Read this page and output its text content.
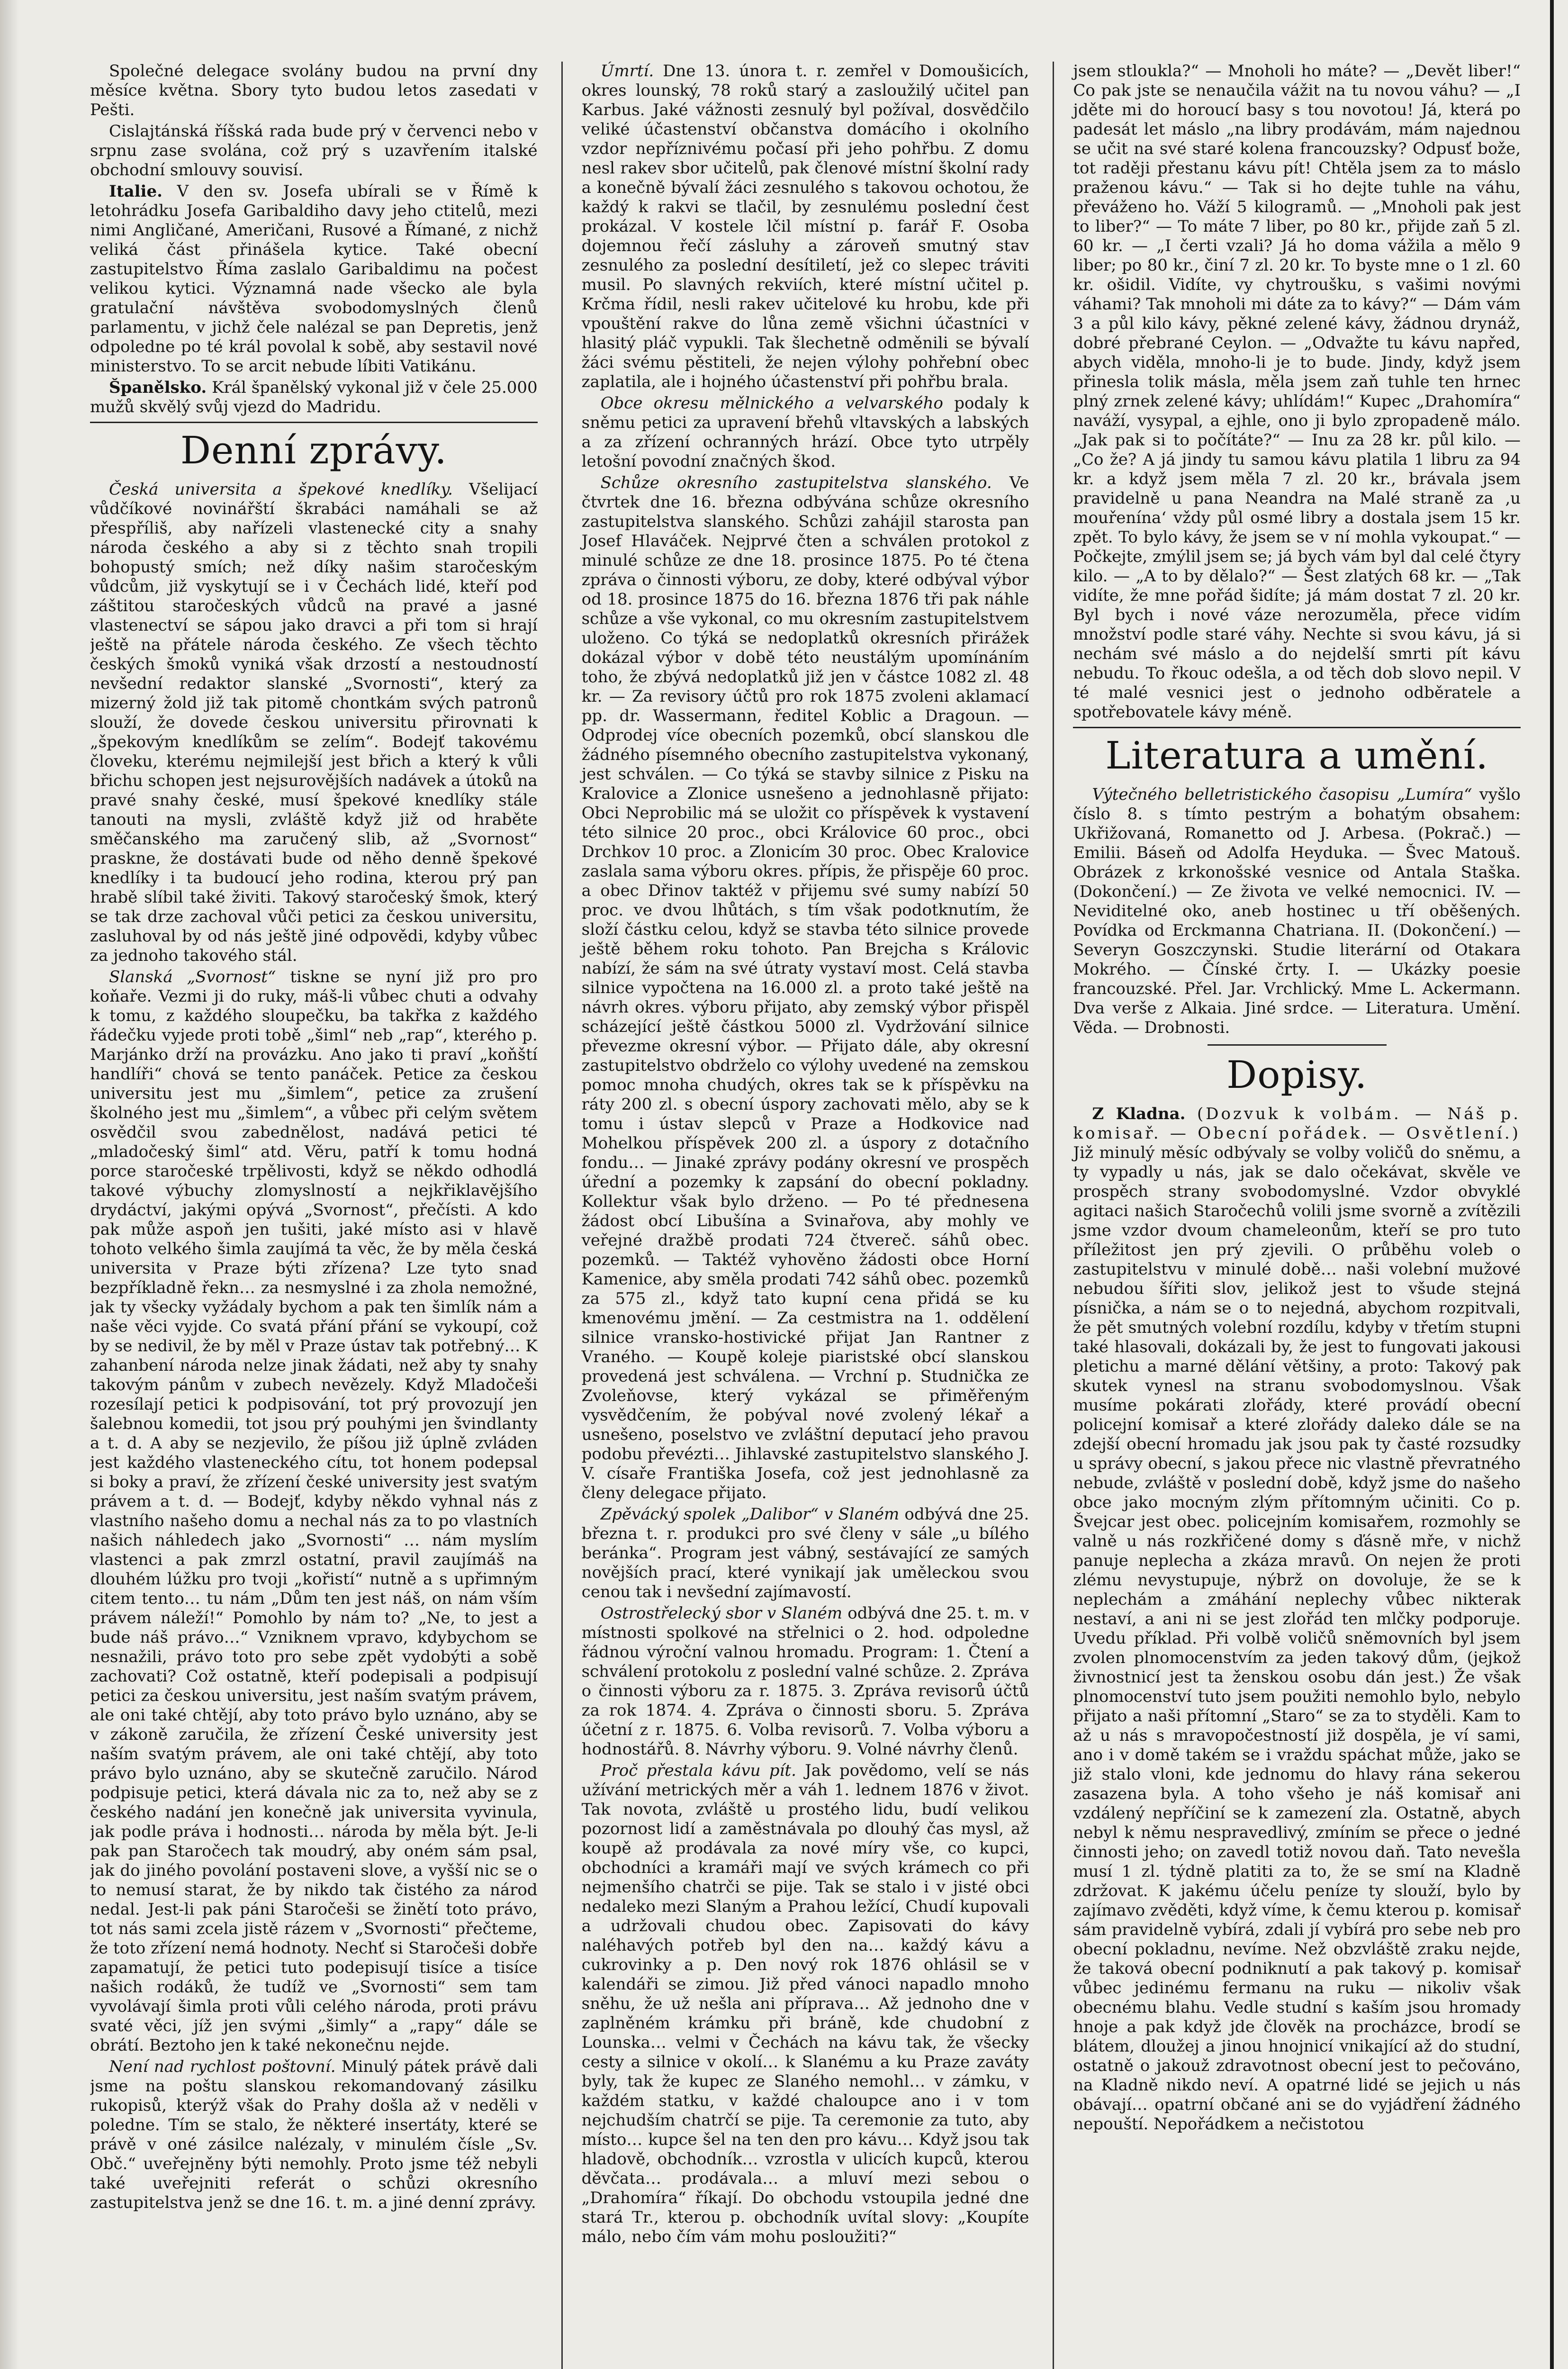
Společné delegace svolány budou na první dny měsíce května. Sbory tyto budou letos zasedati v Pešti.

Cislajtánská říšská rada bude prý v červenci nebo v srpnu zase svolána, což prý s uzavřením italské obchodní smlouvy souvisí.

Italie. V den sv. Josefa ubírali se v Římě k letohrádku Josefa Garibaldiho davy jeho ctitelů, mezi nimi Angličané, Američani, Rusové a Římané, z nichž veliká část přinášela kytice. Také obecní zastupitelstvo Říma zaslalo Garibaldimu na počest velikou kytici. Významná nade všecko ale byla gratulační návštěva svobodomyslných členů parlamentu, v jichž čele nalézal se pan Depretis, jenž odpoledne po té král povolal k sobě, aby sestavil nové ministerstvo. To se arcit nebude líbiti Vatikánu.

Španělsko. Král španělský vykonal již v čele 25.000 mužů skvělý svůj vjezd do Madridu.

Denní zprávy.

Česká universita a špekové knedlíky. Všelijací vůdčíkové novinářští škrabáci namáhali se až přespříliš, aby nařízeli vlastenecké city a snahy národa českého a aby si z těchto snah tropili bohopustý smích; než díky našim staročeským vůdcům, již vyskytují se i v Čechách lidé, kteří pod záštitou staročeských vůdců na pravé a jasné vlastenectví se sápou jako dravci a při tom si hrají ještě na přátele národa českého. Ze všech těchto českých šmoků vyniká však drzostí a nestoudností nevšední redaktor slanské „Svornosti“, který za mizerný žold již tak pitomě chontkám svých patronů slouží, že dovede českou universitu přirovnati k „špekovým knedlíkům se zelím“. Bodejť takovému človeku, kterému nejmilejší jest břich a který k vůli břichu schopen jest nejsurovějších nadávek a útoků na pravé snahy české, musí špekové knedlíky stále tanouti na mysli, zvláště když již od hraběte směčanského ma zaručený slib, až „Svornost“ praskne, že dostávati bude od něho denně špekové knedlíky i ta budoucí jeho rodina, kterou prý pan hrabě slíbil také živiti. Takový staročeský šmok, který se tak drze zachoval vůči petici za českou universitu, zasluhoval by od nás ještě jiné odpovědi, kdyby vůbec za jednoho takového stál.

Slanská „Svornost“ tiskne se nyní již pro pro koňaře. Vezmi ji do ruky, máš-li vůbec chuti a odvahy k tomu, z každého sloupečku, ba takřka z každého řádečku vyjede proti tobě „šiml“ neb „rap“, kterého p. Marjánko drží na provázku. Ano jako ti praví „koňští handlíři“ chová se tento panáček. Petice za českou universitu jest mu „šimlem“, petice za zrušení školného jest mu „šimlem“, a vůbec při celým světem osvědčil svou zabednělost, nadává petici té „mladočeský šiml“ atd. Věru, patří k tomu hodná porce staročeské trpělivosti, když se někdo odhodlá takové výbuchy zlomyslností a nejkřiklavějšího drydáctví, jakými opývá „Svornost“, přečísti. A kdo pak může aspoň jen tušiti, jaké místo asi v hlavě tohoto velkého šimla zaujímá ta věc, že by měla česká universita v Praze býti zřízena? Lze tyto snad bezpříkladně řekn… za nesmyslné i za zhola nemožné, jak ty všecky vyžádaly bychom a pak ten šimlík nám a naše věci vyjde. Co svatá přání přání se vykoupí, což by se nedivil, že by měl v Praze ústav tak potřebný… K zahanbení národa nelze jinak žádati, než aby ty snahy takovým pánům v zubech nevězely. Když Mladočeši rozesílají petici k podpisování, tot prý provozují jen šalebnou komedii, tot jsou prý pouhými jen švindlanty a t. d. A aby se nezjevilo, že píšou již úplně zvláden jest každého vlasteneckého cítu, tot honem podepsal si boky a praví, že zřízení české university jest svatým právem a t. d. — Bodejť, kdyby někdo vyhnal nás z vlastního našeho domu a nechal nás za to po vlastních našich náhledech jako „Svornosti“ … nám myslím vlastenci a pak zmrzl ostatní, pravil zaujímáš na dlouhém lúžku pro tvoji „kořistí“ nutně a s upřimným citem tento… tu nám „Dům ten jest náš, on nám vším právem náleží!“ Pomohlo by nám to? „Ne, to jest a bude náš právo…“ Vzniknem vpravo, kdybychom se nesnažili, právo toto pro sebe zpět vydobýti a sobě zachovati? Což ostatně, kteří podepisali a podpisují petici za českou universitu, jest naším svatým právem, ale oni také chtějí, aby toto právo bylo uznáno, aby se v zákoně zaručila, že zřízení České university jest naším svatým právem, ale oni také chtějí, aby toto právo bylo uznáno, aby se skutečně zaručilo. Národ podpisuje petici, která dávala nic za to, než aby se z českého nadání jen konečně jak universita vyvinula, jak podle práva i hodnosti… národa by měla být. Je-li pak pan Staročech tak moudrý, aby oném sám psal, jak do jiného povolání postaveni slove, a vyšší nic se o to nemusí starat, že by nikdo tak čistého za národ nedal. Jest-li pak páni Staročeši se žinětí toto právo, tot nás sami zcela jistě rázem v „Svornosti“ přečteme, že toto zřízení nemá hodnoty. Nechť si Staročeši dobře zapamatují, že petici tuto podepisují tisíce a tisíce našich rodáků, že tudíž ve „Svornosti“ sem tam vyvolávají šimla proti vůli celého národa, proti právu svaté věci, jíž jen svými „šimly“ a „rapy“ dále se obrátí. Beztoho jen k také nekonečnu nejde.

Není nad rychlost poštovní. Minulý pátek právě dali jsme na poštu slanskou rekomandovaný zásilku rukopisů, kterýž však do Prahy došla až v neděli v poledne. Tím se stalo, že některé insertáty, které se právě v oné zásilce nalézaly, v minulém čísle „Sv. Obč.“ uveřejněny býti nemohly. Proto jsme též nebyli také uveřejniti referát o schůzi okresního zastupitelstva jenž se dne 16. t. m. a jiné denní zprávy.

Úmrtí. Dne 13. února t. r. zemřel v Domoušicích, okres lounský, 78 roků starý a zasloužilý učitel pan Karbus. Jaké vážnosti zesnulý byl požíval, dosvědčilo veliké účastenství občanstva domácího i okolního vzdor nepříznivému počasí při jeho pohřbu. Z domu nesl rakev sbor učitelů, pak členové místní školní rady a konečně bývalí žáci zesnulého s takovou ochotou, že každý k rakvi se tlačil, by zesnulému poslední čest prokázal. V kostele lčil místní p. farář F. Osoba dojemnou řečí zásluhy a zároveň smutný stav zesnulého za poslední desítiletí, jež co slepec tráviti musil. Po slavných rekviích, které místní učitel p. Krčma řídil, nesli rakev učitelové ku hrobu, kde při vpouštění rakve do lůna země všichni účastníci v hlasitý pláč vypukli. Tak šlechetně odměnili se bývalí žáci svému pěstiteli, že nejen výlohy pohřební obec zaplatila, ale i hojného účastenství při pohřbu brala.

Obce okresu mělnického a velvarského podaly k sněmu petici za upravení břehů vltavských a labských a za zřízení ochranných hrází. Obce tyto utrpěly letošní povodní značných škod.

Schůze okresního zastupitelstva slanského. Ve čtvrtek dne 16. března odbývána schůze okresního zastupitelstva slanského. Schůzi zahájil starosta pan Josef Hlaváček. Nejprvé čten a schválen protokol z minulé schůze ze dne 18. prosince 1875. Po té čtena zpráva o činnosti výboru, ze doby, které odbýval výbor od 18. prosince 1875 do 16. března 1876 tři pak náhle schůze a vše vykonal, co mu okresním zastupitelstvem uloženo. Co týká se nedoplatků okresních přirážek dokázal výbor v době této neustálým upomínáním toho, že zbývá nedoplatků již jen v částce 1082 zl. 48 kr. — Za revisory účtů pro rok 1875 zvoleni aklamací pp. dr. Wassermann, ředitel Koblic a Dragoun. — Odprodej více obecních pozemků, obcí slanskou dle žádného písemného obecního zastupitelstva vykonaný, jest schválen. — Co týká se stavby silnice z Pisku na Kralovice a Zlonice usnešeno a jednohlasně přijato: Obci Neprobilic má se uložit co příspěvek k vystavení této silnice 20 proc., obci Královice 60 proc., obci Drchkov 10 proc. a Zlonicím 30 proc. Obec Kralovice zaslala sama výboru okres. přípis, že přispěje 60 proc. a obec Dřinov taktéž v přijemu své sumy nabízí 50 proc. ve dvou lhůtách, s tím však podotknutím, že složí částku celou, když se stavba této silnice provede ještě během roku tohoto. Pan Brejcha s Královic nabízí, že sám na své útraty vystaví most. Celá stavba silnice vypočtena na 16.000 zl. a proto také ještě na návrh okres. výboru přijato, aby zemský výbor přispěl scházející ještě částkou 5000 zl. Vydržování silnice převezme okresní výbor. — Přijato dále, aby okresní zastupitelstvo obdrželo co výlohy uvedené na zemskou pomoc mnoha chudých, okres tak se k příspěvku na ráty 200 zl. s obecní úspory zachovati mělo, aby se k tomu i ústav slepců v Praze a Hodkovice nad Mohelkou příspěvek 200 zl. a úspory z dotačního fondu… — Jinaké zprávy podány okresní ve prospěch úřední a pozemky k zapsání do obecní pokladny. Kollektur však bylo drženo. — Po té přednesena žádost obcí Libušína a Svinařova, aby mohly ve veřejné dražbě prodati 724 čtvereč. sáhů obec. pozemků. — Taktéž vyhověno žádosti obce Horní Kamenice, aby směla prodati 742 sáhů obec. pozemků za 575 zl., když tato kupní cena přidá se ku kmenovému jmění. — Za cestmistra na 1. oddělení silnice vransko-hostivické přijat Jan Rantner z Vraného. — Koupě koleje piaristské obcí slanskou provedená jest schválena. — Vrchní p. Studnička ze Zvoleňovse, který vykázal se přiměřeným vysvědčením, že pobýval nové zvolený lékař a usnešeno, poselstvo ve zvláštní deputací jeho pravou podobu převézti… Jihlavské zastupitelstvo slanského J. V. císaře Františka Josefa, což jest jednohlasně za členy delegace přijato.

Zpěvácký spolek „Dalibor“ v Slaném odbývá dne 25. března t. r. produkci pro své členy v sále „u bílého beránka“. Program jest vábný, sestávající ze samých novějších prací, které vynikají jak uměleckou svou cenou tak i nevšední zajímavostí.

Ostrostřelecký sbor v Slaném odbývá dne 25. t. m. v místnosti spolkové na střelnici o 2. hod. odpoledne řádnou výroční valnou hromadu. Program: 1. Čtení a schválení protokolu z poslední valné schůze. 2. Zpráva o činnosti výboru za r. 1875. 3. Zpráva revisorů účtů za rok 1874. 4. Zpráva o činnosti sboru. 5. Zpráva účetní z r. 1875. 6. Volba revisorů. 7. Volba výboru a hodnostářů. 8. Návrhy výboru. 9. Volné návrhy členů.

Proč přestala kávu pít. Jak povědomo, velí se nás užívání metrických měr a váh 1. lednem 1876 v život. Tak novota, zvláště u prostého lidu, budí velikou pozornost lidí a zaměstnávala po dlouhý čas mysl, až koupě až prodávala za nové míry vše, co kupci, obchodníci a kramáři mají ve svých krámech co při nejmenšího chatrči se pije. Tak se stalo i v jisté obci nedaleko mezi Slaným a Prahou ležící, Chudí kupovali a udržovali chudou obec. Zapisovati do kávy naléhavých potřeb byl den na… každý kávu a cukrovinky a p. Den nový rok 1876 ohlásil se v kalendáři se zimou. Již před vánoci napadlo mnoho sněhu, že už nešla ani příprava… Až jednoho dne v zaplněném krámku při bráně, kde chudobní z Lounska… velmi v Čechách na kávu tak, že všecky cesty a silnice v okolí… k Slanému a ku Praze zaváty byly, tak že kupec ze Slaného nemohl… v zámku, v každém statku, v každé chaloupce ano i v tom nejchudším chatrčí se pije. Ta ceremonie za tuto, aby místo… kupce šel na ten den pro kávu… Když jsou tak hladově, obchodník… vzrostla v ulicích kupců, kterou děvčata… prodávala… a mluví mezi sebou o „Drahomíra“ říkají. Do obchodu vstoupila jedné dne stará Tr., kterou p. obchodník uvítal slovy: „Koupíte málo, nebo čím vám mohu posloužiti?“

jsem stloukla?“ — Mnoholi ho máte? — „Devět liber!“ Co pak jste se nenaučila vážit na tu novou váhu? — „I jděte mi do horoucí basy s tou novotou! Já, která po padesát let máslo „na libry prodávám, mám najednou se učit na své staré kolena francouzsky? Odpusť bože, tot raději přestanu kávu pít! Chtěla jsem za to máslo praženou kávu.“ — Tak si ho dejte tuhle na váhu, převáženo ho. Váží 5 kilogramů. — „Mnoholi pak jest to liber?“ — To máte 7 liber, po 80 kr., přijde zaň 5 zl. 60 kr. — „I čerti vzali? Já ho doma vážila a mělo 9 liber; po 80 kr., činí 7 zl. 20 kr. To byste mne o 1 zl. 60 kr. ošidil. Vidíte, vy chytroušku, s vašimi novými váhami? Tak mnoholi mi dáte za to kávy?“ — Dám vám 3 a půl kilo kávy, pěkné zelené kávy, žádnou drynáž, dobré přebrané Ceylon. — „Odvažte tu kávu napřed, abych viděla, mnoho-li je to bude. Jindy, když jsem přinesla tolik másla, měla jsem zaň tuhle ten hrnec plný zrnek zelené kávy; uhlídám!“ Kupec „Drahomíra“ naváží, vysypal, a ejhle, ono ji bylo zpropadeně málo. „Jak pak si to počítáte?“ — Inu za 28 kr. půl kilo. — „Co že? A já jindy tu samou kávu platila 1 libru za 94 kr. a když jsem měla 7 zl. 20 kr., brávala jsem pravidelně u pana Neandra na Malé straně za ‚u mouřenína‘ vždy půl osmé libry a dostala jsem 15 kr. zpět. To bylo kávy, že jsem se v ní mohla vykoupat.“ — Počkejte, zmýlil jsem se; já bych vám byl dal celé čtyry kilo. — „A to by dělalo?“ — Šest zlatých 68 kr. — „Tak vidíte, že mne pořád šidíte; já mám dostat 7 zl. 20 kr. Byl bych i nové váze nerozuměla, přece vidím množství podle staré váhy. Nechte si svou kávu, já si nechám své máslo a do nejdelší smrti pít kávu nebudu. To řkouc odešla, a od těch dob slovo nepil. V té malé vesnici jest o jednoho odběratele a spotřebovatele kávy méně.

Literatura a umění.

Výtečného belletristického časopisu „Lumíra“ vyšlo číslo 8. s tímto pestrým a bohatým obsahem: Ukřižovaná, Romanetto od J. Arbesa. (Pokrač.) — Emilii. Báseň od Adolfa Heyduka. — Švec Matouš. Obrázek z krkonošské vesnice od Antala Staška. (Dokončení.) — Ze života ve velké nemocnici. IV. — Neviditelné oko, aneb hostinec u tří oběšených. Povídka od Erckmanna Chatriana. II. (Dokončení.) — Severyn Goszczynski. Studie literární od Otakara Mokrého. — Čínské črty. I. — Ukázky poesie francouzské. Přel. Jar. Vrchlický. Mme L. Ackermann. Dva verše z Alkaia. Jiné srdce. — Literatura. Umění. Věda. — Drobnosti.

Dopisy.

Z Kladna. (Dozvuk k volbám. — Náš p. komisař. — Obecní pořádek. — Osvětlení.) Již minulý měsíc odbývaly se volby voličů do sněmu, a ty vypadly u nás, jak se dalo očekávat, skvěle ve prospěch strany svobodomyslné. Vzdor obvyklé agitaci našich Staročechů volili jsme svorně a zvítězili jsme vzdor dvoum chameleonům, kteří se pro tuto příležitost jen prý zjevili. O průběhu voleb o zastupitelstvu v minulé době… naši volební mužové nebudou šířiti slov, jelikož jest to všude stejná písnička, a nám se o to nejedná, abychom rozpitvali, že pět smutných volební rozdílu, kdyby v třetím stupni také hlasovali, dokázali by, že jest to fungovati jakousi pletichu a marné dělání většiny, a proto: Takový pak skutek vynesl na stranu svobodomyslnou. Však musíme pokárati zlořády, které provádí obecní policejní komisař a které zlořády daleko dále se na zdejší obecní hromadu jak jsou pak ty časté rozsudky u správy obecní, s jakou přece nic vlastně převratného nebude, zvláště v poslední době, když jsme do našeho obce jako mocným zlým přítomným učiniti. Co p. Švejcar jest obec. policejním komisařem, rozmohly se valně u nás rozkřičené domy s ďásně mře, v nichž panuje neplecha a zkáza mravů. On nejen že proti zlému nevystupuje, nýbrž on dovoluje, že se k neplechám a zmáhání neplechy vůbec nikterak nestaví, a ani ni se jest zlořád ten mlčky podporuje. Uvedu příklad. Při volbě voličů sněmovních byl jsem zvolen plnomocenstvím za jeden takový dům, (jejkož živnostnicí jest ta ženskou osobu dán jest.) Že však plnomocenství tuto jsem použiti nemohlo bylo, nebylo přijato a naši přítomní „Staro“ se za to styděli. Kam to až u nás s mravopočestností již dospěla, je ví sami, ano i v domě takém se i vraždu spáchat může, jako se již stalo vloni, kde jednomu do hlavy rána sekerou zasazena byla. A toho všeho je náš komisař ani vzdálený nepříčiní se k zamezení zla. Ostatně, abych nebyl k němu nespravedlivý, zmíním se přece o jedné činnosti jeho; on zavedl totiž novou daň. Tato nevešla musí 1 zl. týdně platiti za to, že se smí na Kladně zdržovat. K jakému účelu peníze ty slouží, bylo by zajímavo zvěděti, když víme, k čemu kterou p. komisař sám pravidelně vybírá, zdali jí vybírá pro sebe neb pro obecní pokladnu, nevíme. Než obzvláště zraku nejde, že taková obecní podniknutí a pak takový p. komisař vůbec jedinému fermanu na ruku — nikoliv však obecnému blahu. Vedle studní s kaším jsou hromady hnoje a pak když jde člověk na procházce, brodí se blátem, dloužej a jinou hnojnicí vnikající až do studní, ostatně o jakouž zdravotnost obecní jest to pečováno, na Kladně nikdo neví. A opatrné lidé se jejich u nás obávají… opatrní občané ani se do vyjádření žádného nepouští. Nepořádkem a nečistotou
